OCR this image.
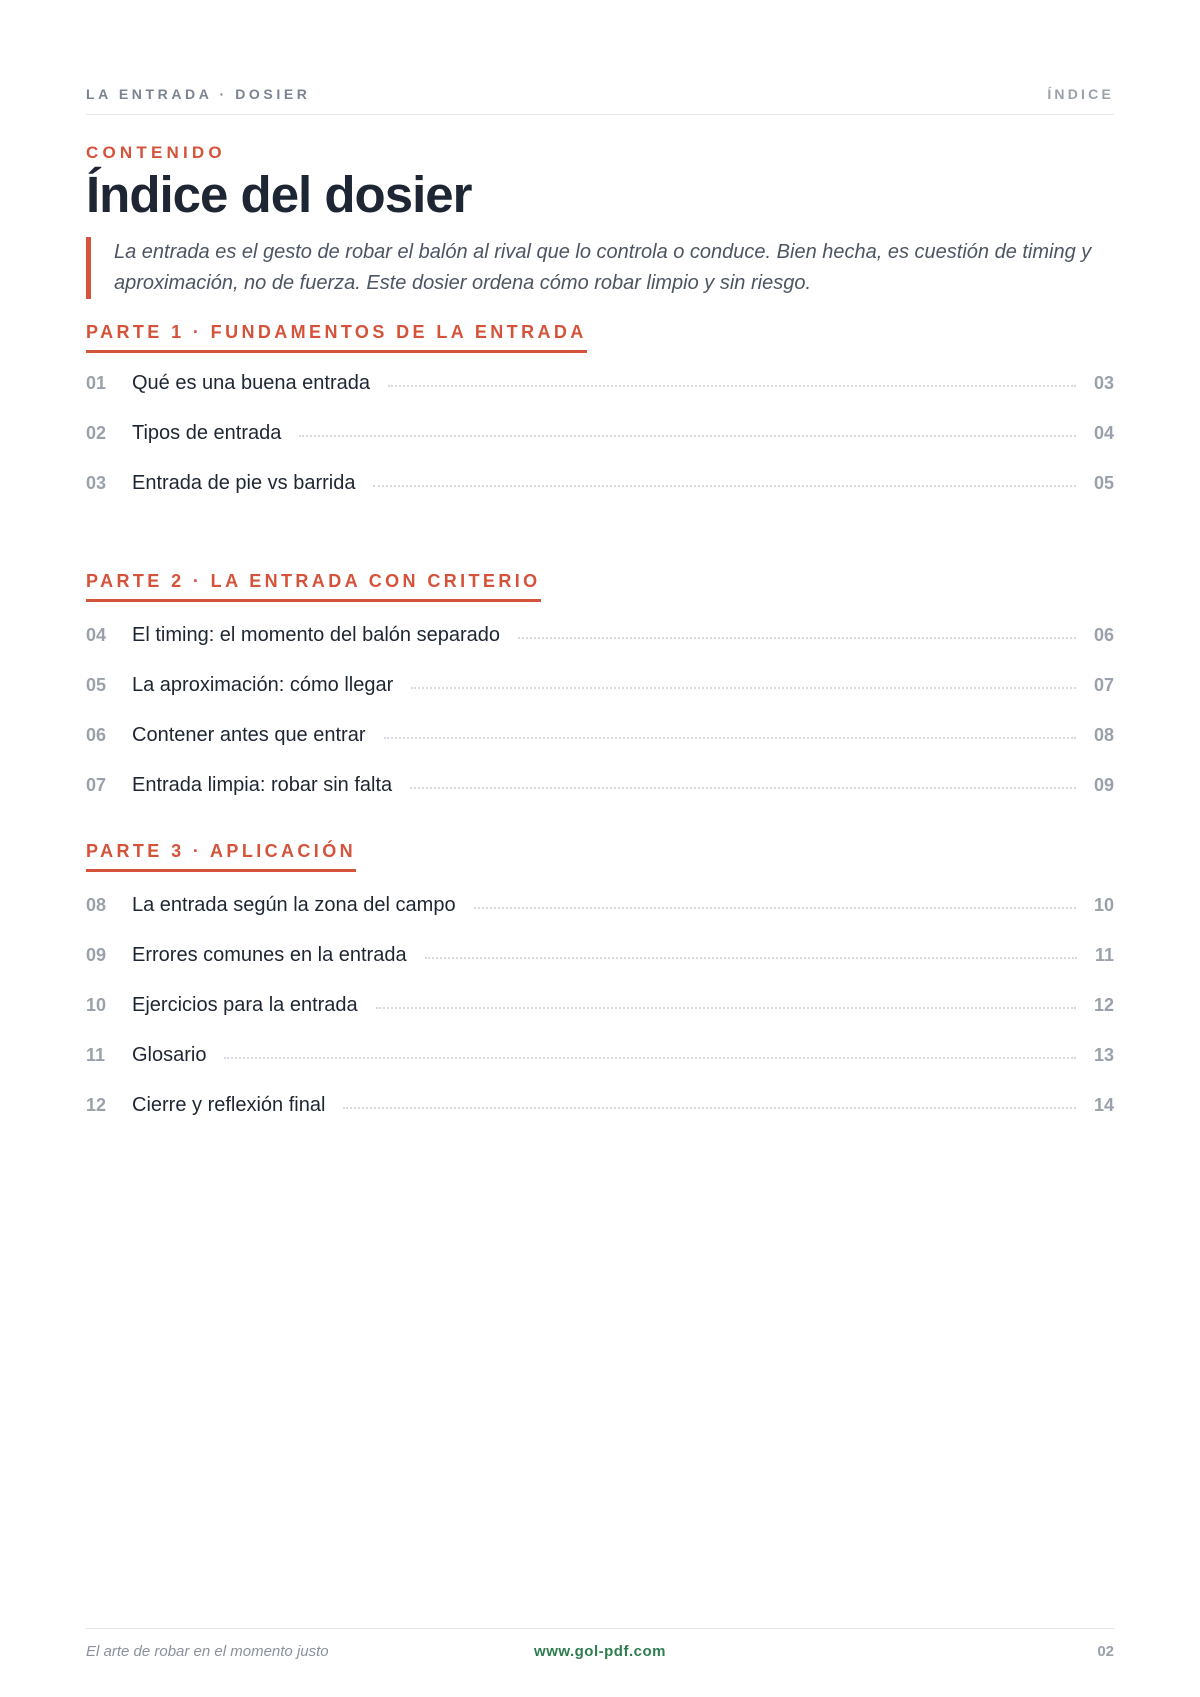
LA ENTRADA · DOSIER	ÍNDICE
CONTENIDO
Índice del dosier

La entrada es el gesto de robar el balón al rival que lo controla o conduce. Bien hecha, es cuestión de timing y aproximación, no de fuerza. Este dosier ordena cómo robar limpio y sin riesgo.

PARTE 1 · FUNDAMENTOS DE LA ENTRADA
01	Qué es una buena entrada	03
02	Tipos de entrada	04
03	Entrada de pie vs barrida	05
PARTE 2 · LA ENTRADA CON CRITERIO
04	El timing: el momento del balón separado	06
05	La aproximación: cómo llegar	07
06	Contener antes que entrar	08
07	Entrada limpia: robar sin falta	09
PARTE 3 · APLICACIÓN
08	La entrada según la zona del campo	10
09	Errores comunes en la entrada	11
10	Ejercicios para la entrada	12
11	Glosario	13
12	Cierre y reflexión final	14
El arte de robar en el momento justo	www.gol-pdf.com	02
